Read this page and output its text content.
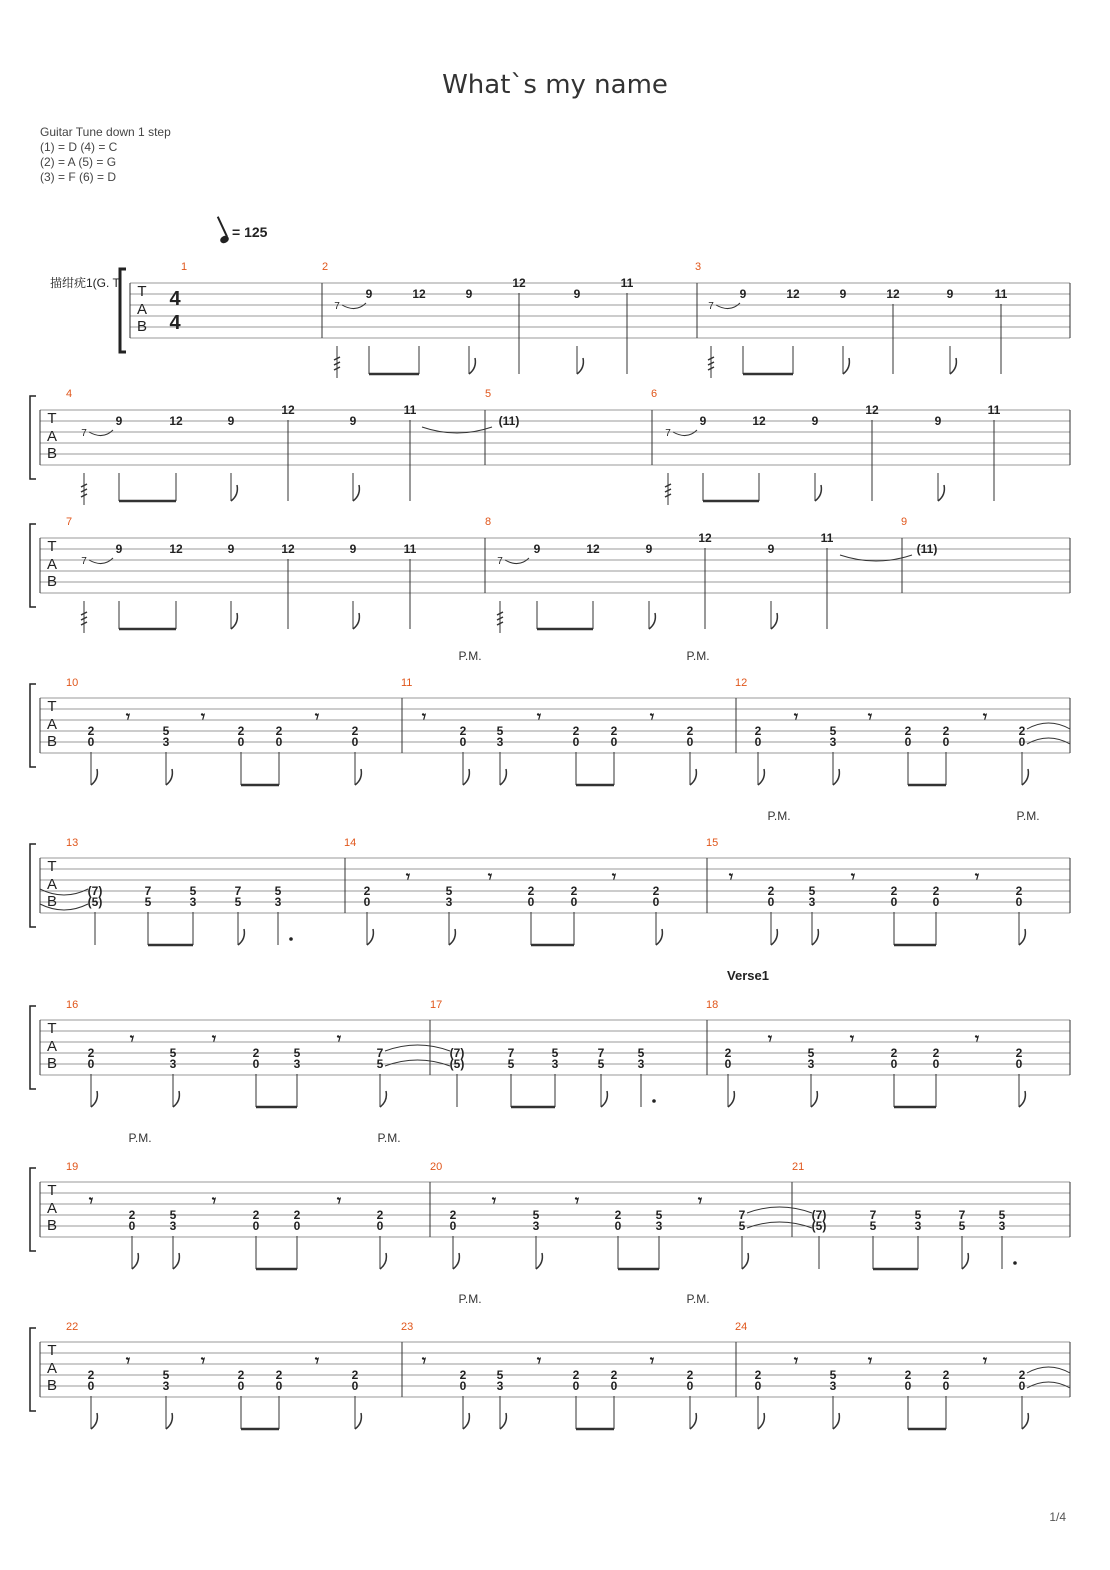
What`s my name
Guitar Tune down 1 step
(1) = D (4) = C
(2) = A (5) = G
(3) = F (6) = D
= 125
描绀疣1(G. Ti T
A
B
4
4
1	2	3
7
9	12	9
12
9
11
7
9	12	9	12	9	11
T
A
B
4	5	6
7
9	12	9
12
9
11
(11)
7
9	12	9
12
9
11
T
A
B
7	8	9
7
9	12	9	12	9	11
7
9	12	9
12
9
11
(11)
T
A
B
10	11	12
P.M.	P.M.
2
0
5
3
2
0
2
0
2
0
𝄾	𝄾	𝄾
2
0
5
3
2
0
2
0
2
0
𝄾	𝄾	𝄾
2
0
5
3
2
0
2
0
2
0
𝄾	𝄾	𝄾
T
A
B
13	14	15
P.M.	P.M.
(7)
(5)
7
5
5
3
7
5
5
3
2
0
5
3
2
0
2
0
2
0
𝄾	𝄾	𝄾
2
0
5
3
2
0
2
0
2
0
𝄾	𝄾	𝄾
Verse1
T
A
B
16	17	18
2
0
5
3
2
0
5
3
7
5
𝄾	𝄾	𝄾
(7)
(5)
7
5
5
3
7
5
5
3
2
0
5
3
2
0
2
0
2
0
𝄾	𝄾	𝄾
P.M.	P.M.
T
A
B
19	20	21
2
0
5
3
2
0
2
0
2
0
𝄾	𝄾	𝄾
2
0
5
3
2
0
5
3
7
5
𝄾	𝄾	𝄾
(7)
(5)
7
5
5
3
7
5
5
3
T
A
B
22	23	24
P.M.	P.M.
2
0
5
3
2
0
2
0
2
0
𝄾	𝄾	𝄾
2
0
5
3
2
0
2
0
2
0
𝄾	𝄾	𝄾
2
0
5
3
2
0
2
0
2
0
𝄾	𝄾	𝄾
1/4
